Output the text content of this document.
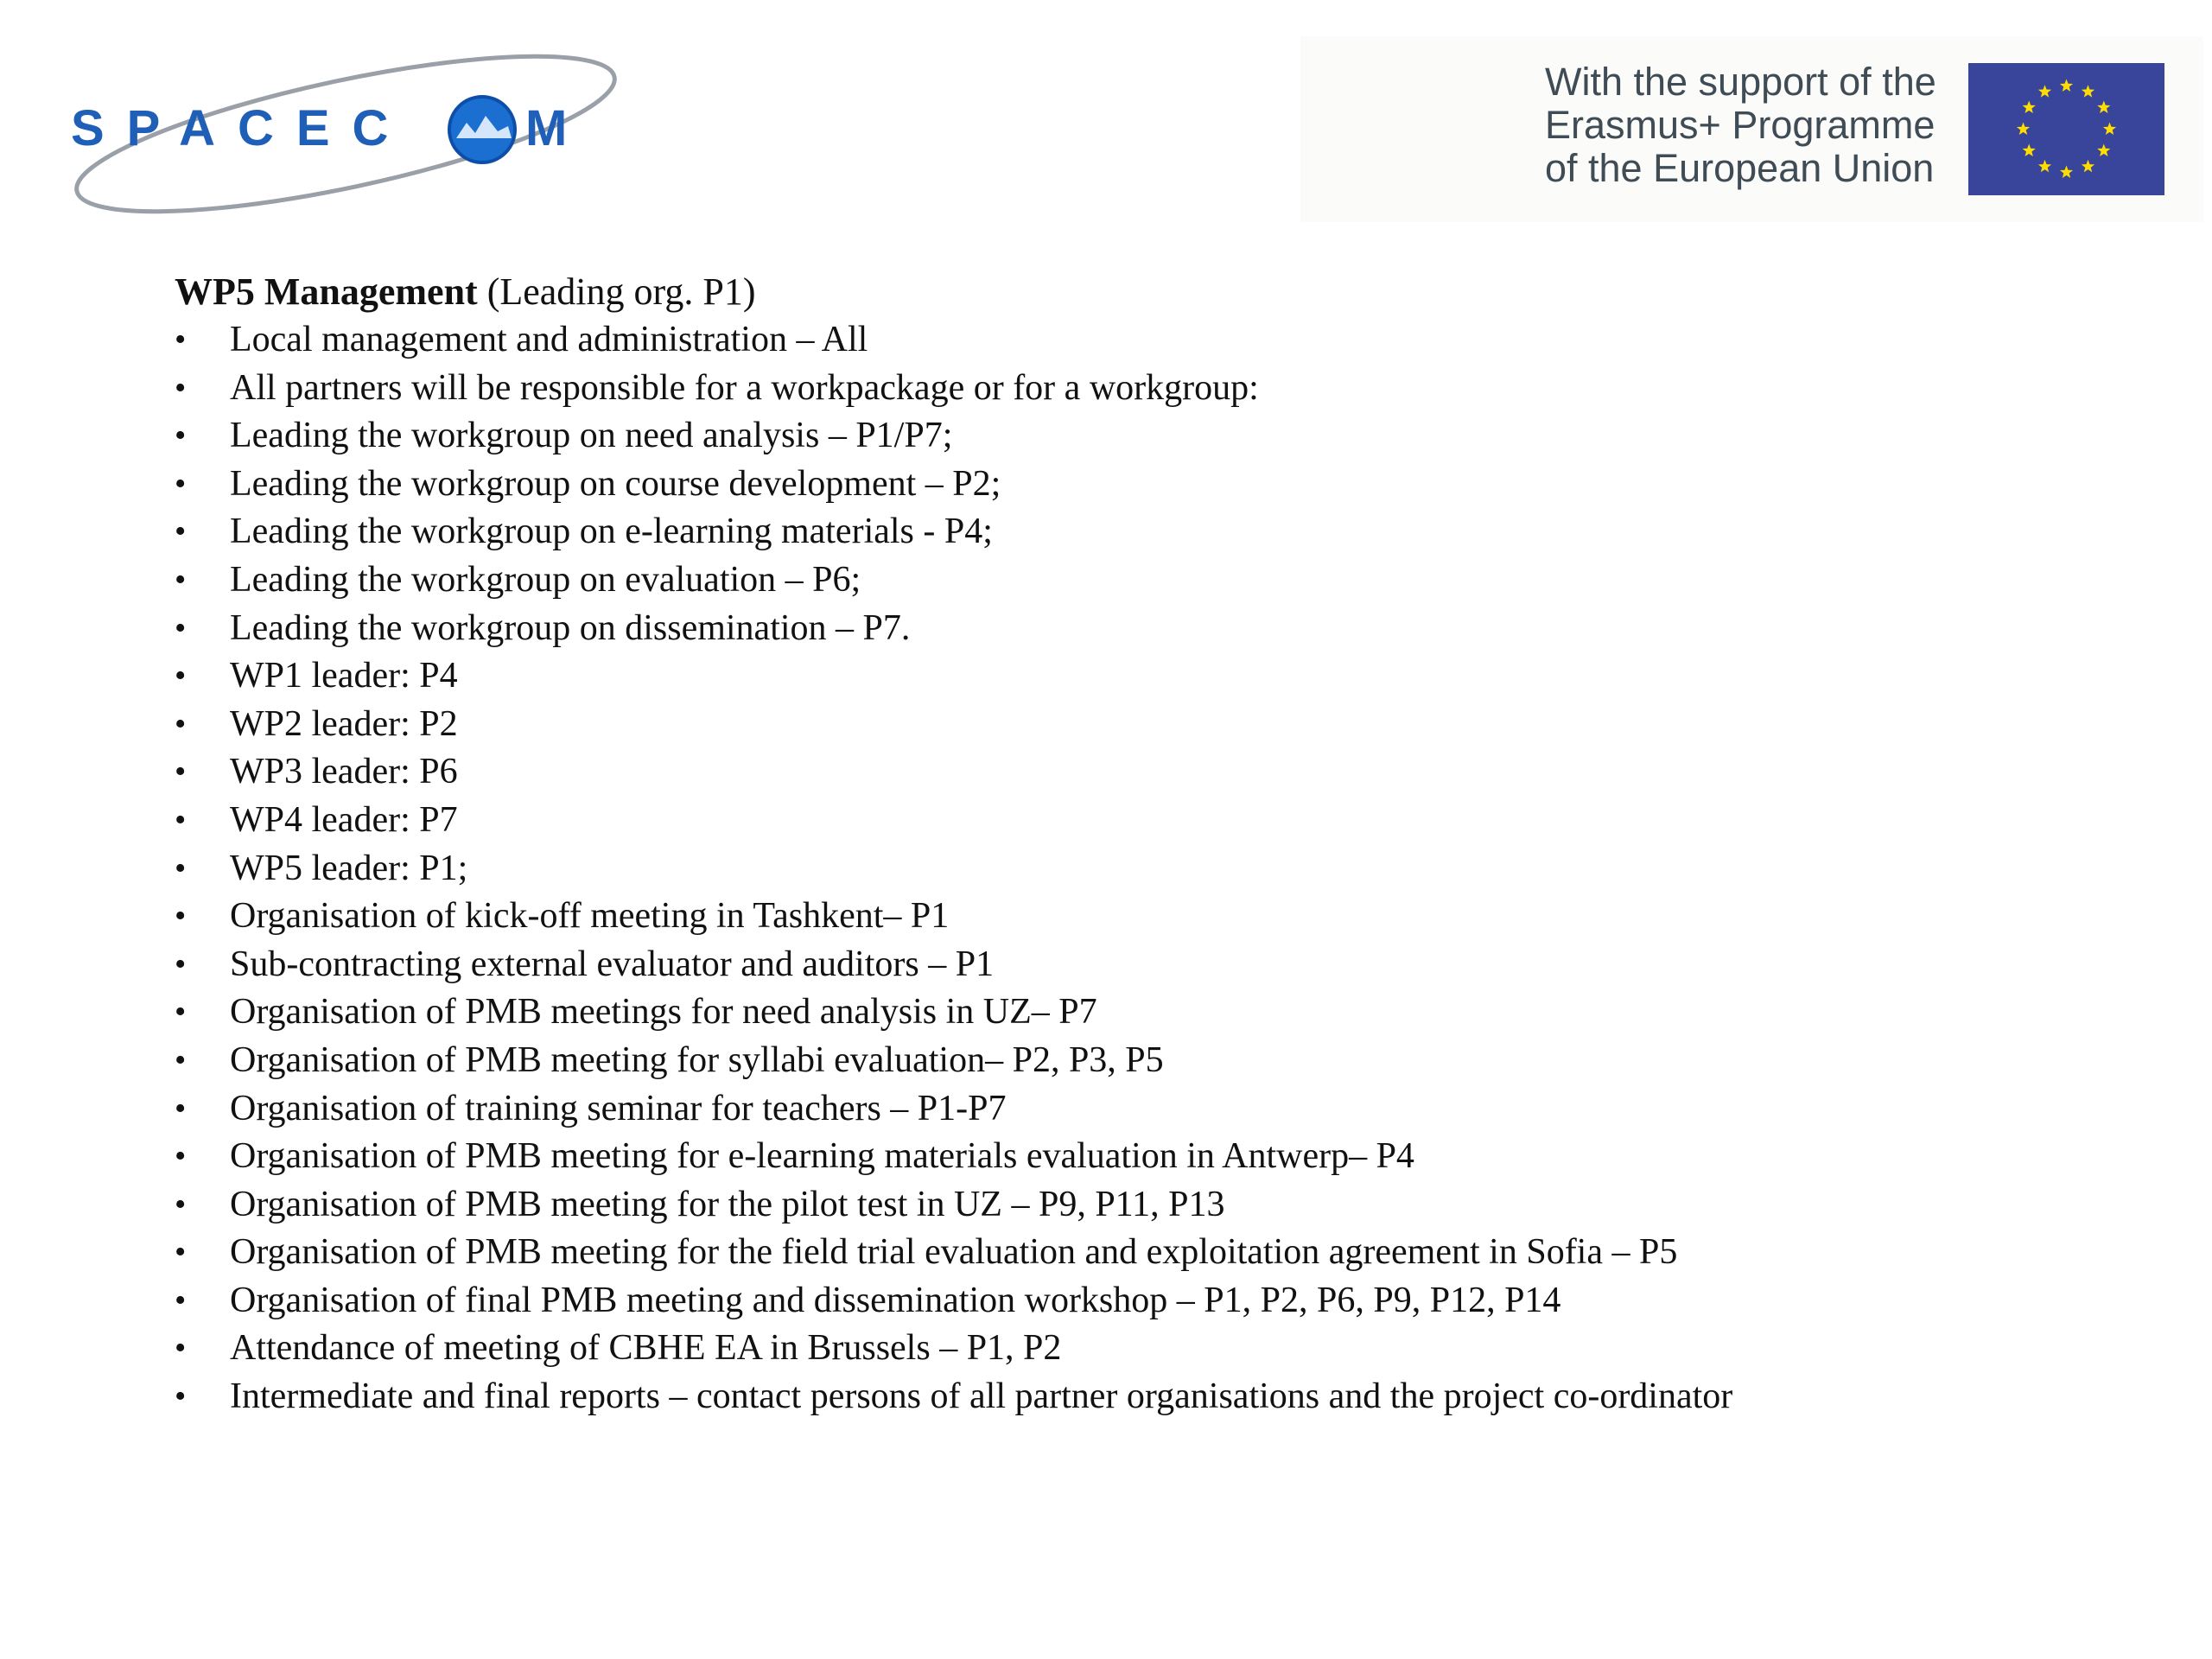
SPACEC M
With the support of the
Erasmus+ Programme
of the European Union
WP5 Management (Leading org. P1)
• Local management and administration – All
• All partners will be responsible for a workpackage or for a workgroup:
• Leading the workgroup on need analysis – P1/P7;
• Leading the workgroup on course development – P2;
• Leading the workgroup on e-learning materials - P4;
• Leading the workgroup on evaluation – P6;
• Leading the workgroup on dissemination – P7.
• WP1 leader: P4
• WP2 leader: P2
• WP3 leader: P6
• WP4 leader: P7
• WP5 leader: P1;
• Organisation of kick-off meeting in Tashkent– P1
• Sub-contracting external evaluator and auditors – P1
• Organisation of PMB meetings for need analysis in UZ– P7
• Organisation of PMB meeting for syllabi evaluation– P2, P3, P5
• Organisation of training seminar for teachers – P1-P7
• Organisation of PMB meeting for e-learning materials evaluation in Antwerp– P4
• Organisation of PMB meeting for the pilot test in UZ – P9, P11, P13
• Organisation of PMB meeting for the field trial evaluation and exploitation agreement in Sofia – P5
• Organisation of final PMB meeting and dissemination workshop – P1, P2, P6, P9, P12, P14
• Attendance of meeting of CBHE EA in Brussels – P1, P2
• Intermediate and final reports – contact persons of all partner organisations and the project co-ordinator
